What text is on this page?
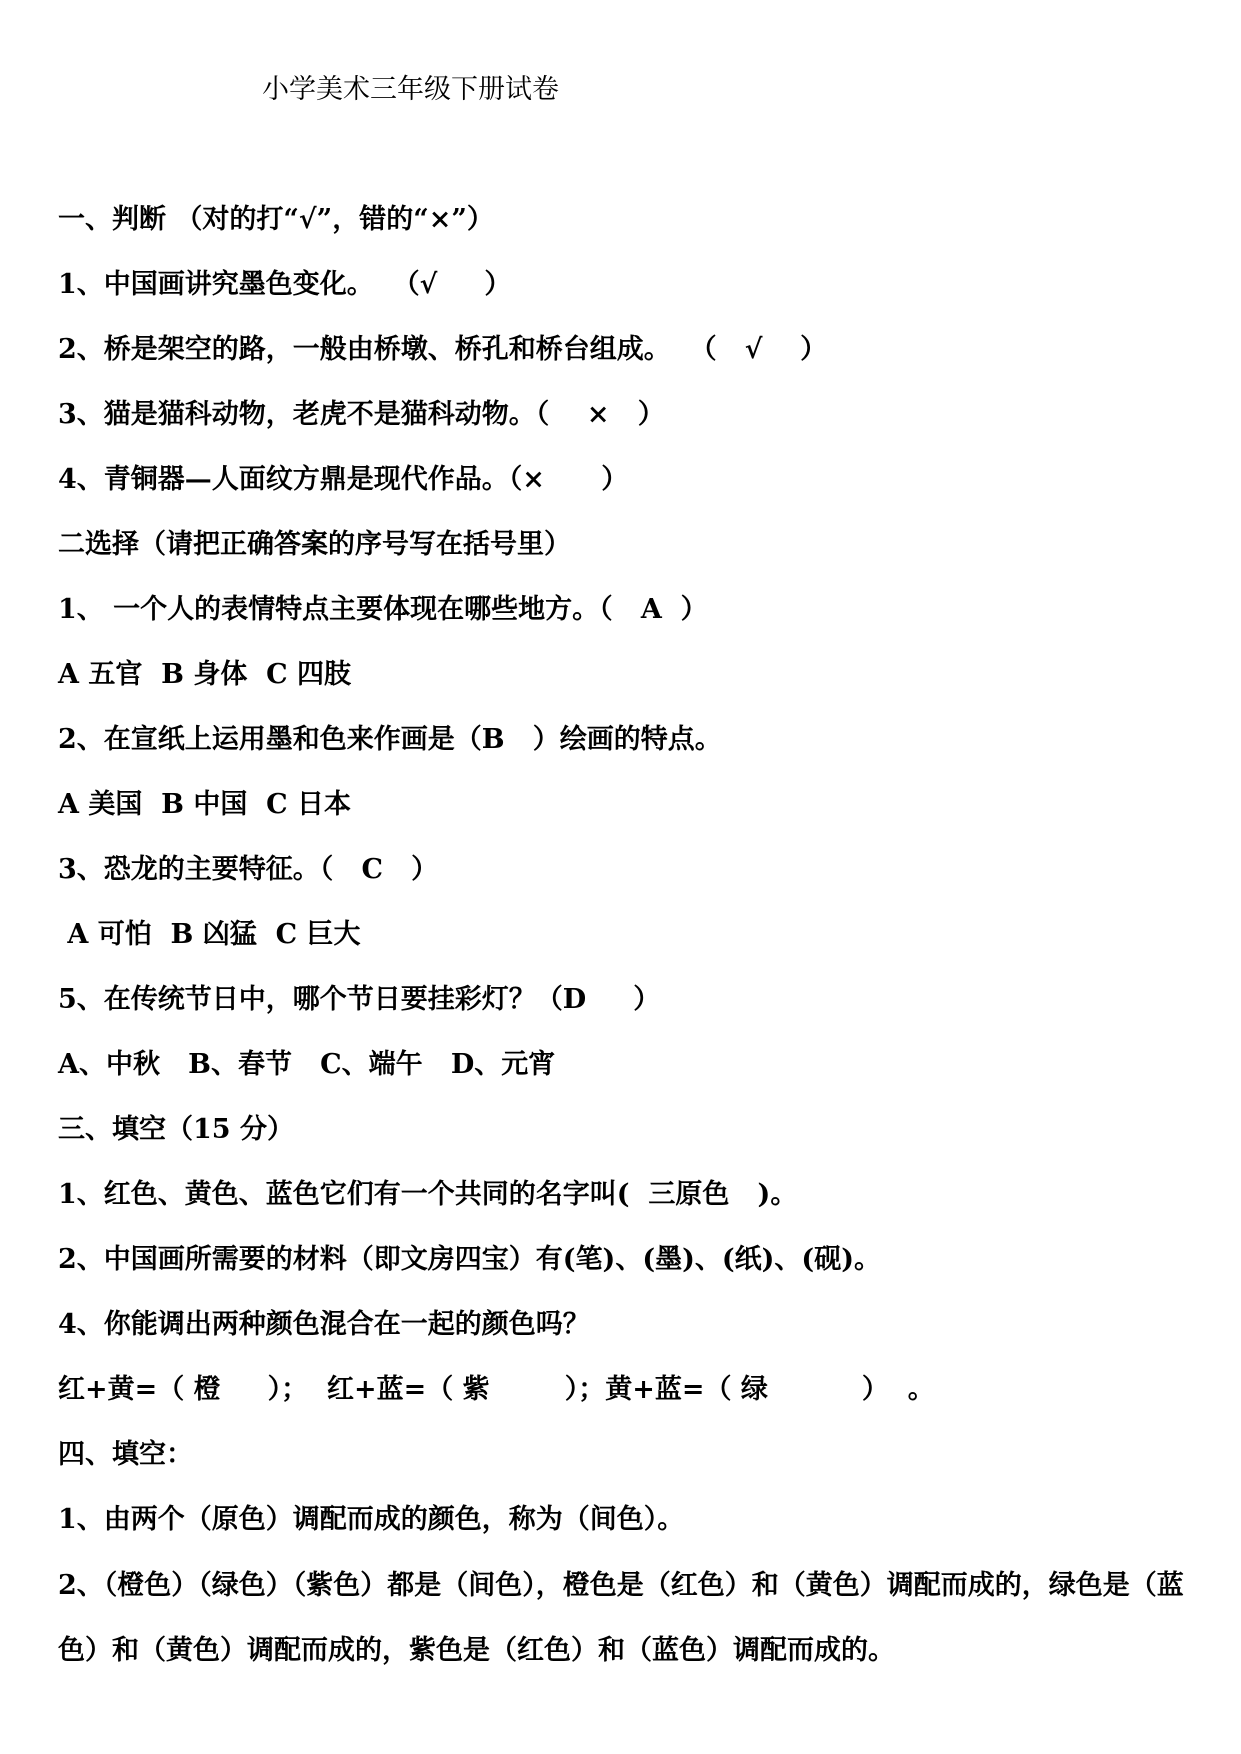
小学美术三年级下册试卷
一、判断 （对的打“√”，错的“×”）
1、中国画讲究墨色变化。  （√     ）
2、桥是架空的路，一般由桥墩、桥孔和桥台组成。  （   √    ）
3、猫是猫科动物，老虎不是猫科动物。（    ×   ）
4、青铜器—人面纹方鼎是现代作品。（×      ）
二选择（请把正确答案的序号写在括号里）
1、 一个人的表情特点主要体现在哪些地方。（   A  ）
A 五官  B 身体  C 四肢
2、在宣纸上运用墨和色来作画是（B   ）绘画的特点。
A 美国  B 中国  C 日本
3、恐龙的主要特征。（   C   ）
A 可怕  B 凶猛  C 巨大
5、在传统节日中，哪个节日要挂彩灯？（D     ）
A、中秋   B、春节   C、端午   D、元宵
三、填空（15 分）
1、红色、黄色、蓝色它们有一个共同的名字叫(  三原色   )。
2、中国画所需要的材料（即文房四宝）有(笔)、(墨)、(纸)、(砚)。
4、你能调出两种颜色混合在一起的颜色吗？
红+黄=（ 橙     ）；  红+蓝=（ 紫        ）；黄+蓝=（ 绿          ）  。
四、填空：
1、由两个（原色）调配而成的颜色，称为（间色）。
2、（橙色）（绿色）（紫色）都是（间色），橙色是（红色）和（黄色）调配而成的，绿色是（蓝色）和（黄色）调配而成的，紫色是（红色）和（蓝色）调配而成的。
